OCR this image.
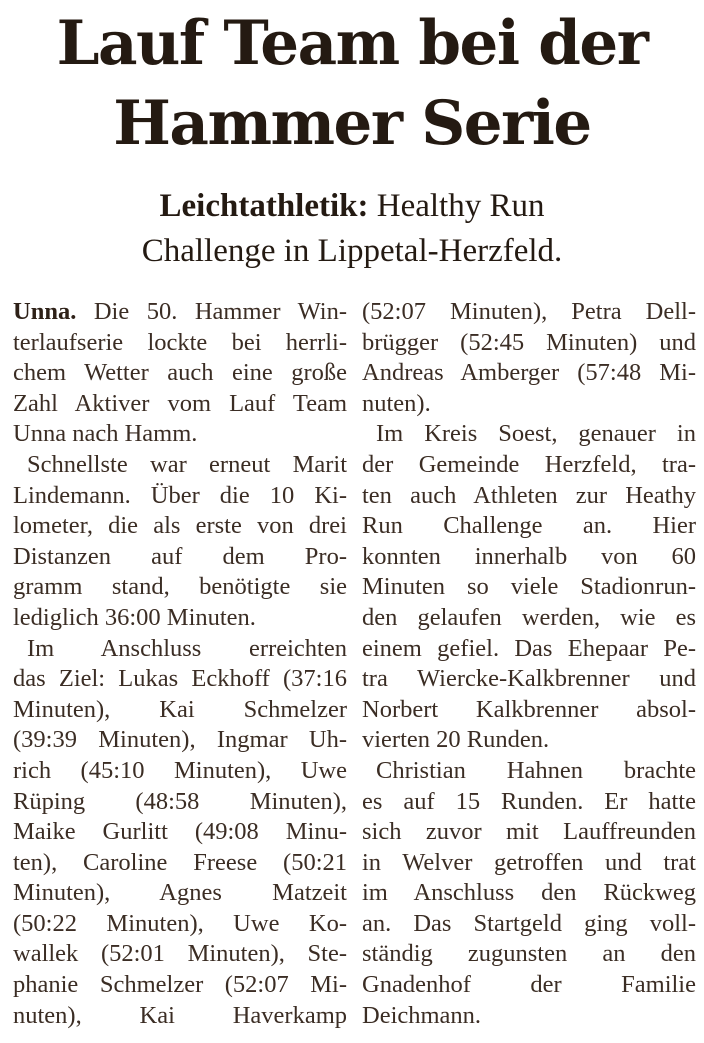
Lauf Team bei der
Hammer Serie
Leichtathletik: Healthy Run
Challenge in Lippetal-Herzfeld.
Unna. Die 50. Hammer Win-
terlaufserie lockte bei herrli-
chem Wetter auch eine große
Zahl Aktiver vom Lauf Team
Unna nach Hamm.
Schnellste war erneut Marit
Lindemann. Über die 10 Ki-
lometer, die als erste von drei
Distanzen auf dem Pro-
gramm stand, benötigte sie
lediglich 36:00 Minuten.
Im Anschluss erreichten
das Ziel: Lukas Eckhoff (37:16
Minuten), Kai Schmelzer
(39:39 Minuten), Ingmar Uh-
rich (45:10 Minuten), Uwe
Rüping (48:58 Minuten),
Maike Gurlitt (49:08 Minu-
ten), Caroline Freese (50:21
Minuten), Agnes Matzeit
(50:22 Minuten), Uwe Ko-
wallek (52:01 Minuten), Ste-
phanie Schmelzer (52:07 Mi-
nuten), Kai Haverkamp
(52:07 Minuten), Petra Dell-
brügger (52:45 Minuten) und
Andreas Amberger (57:48 Mi-
nuten).
Im Kreis Soest, genauer in
der Gemeinde Herzfeld, tra-
ten auch Athleten zur Heathy
Run Challenge an. Hier
konnten innerhalb von 60
Minuten so viele Stadionrun-
den gelaufen werden, wie es
einem gefiel. Das Ehepaar Pe-
tra Wiercke-Kalkbrenner und
Norbert Kalkbrenner absol-
vierten 20 Runden.
Christian Hahnen brachte
es auf 15 Runden. Er hatte
sich zuvor mit Lauffreunden
in Welver getroffen und trat
im Anschluss den Rückweg
an. Das Startgeld ging voll-
ständig zugunsten an den
Gnadenhof der Familie
Deichmann.
